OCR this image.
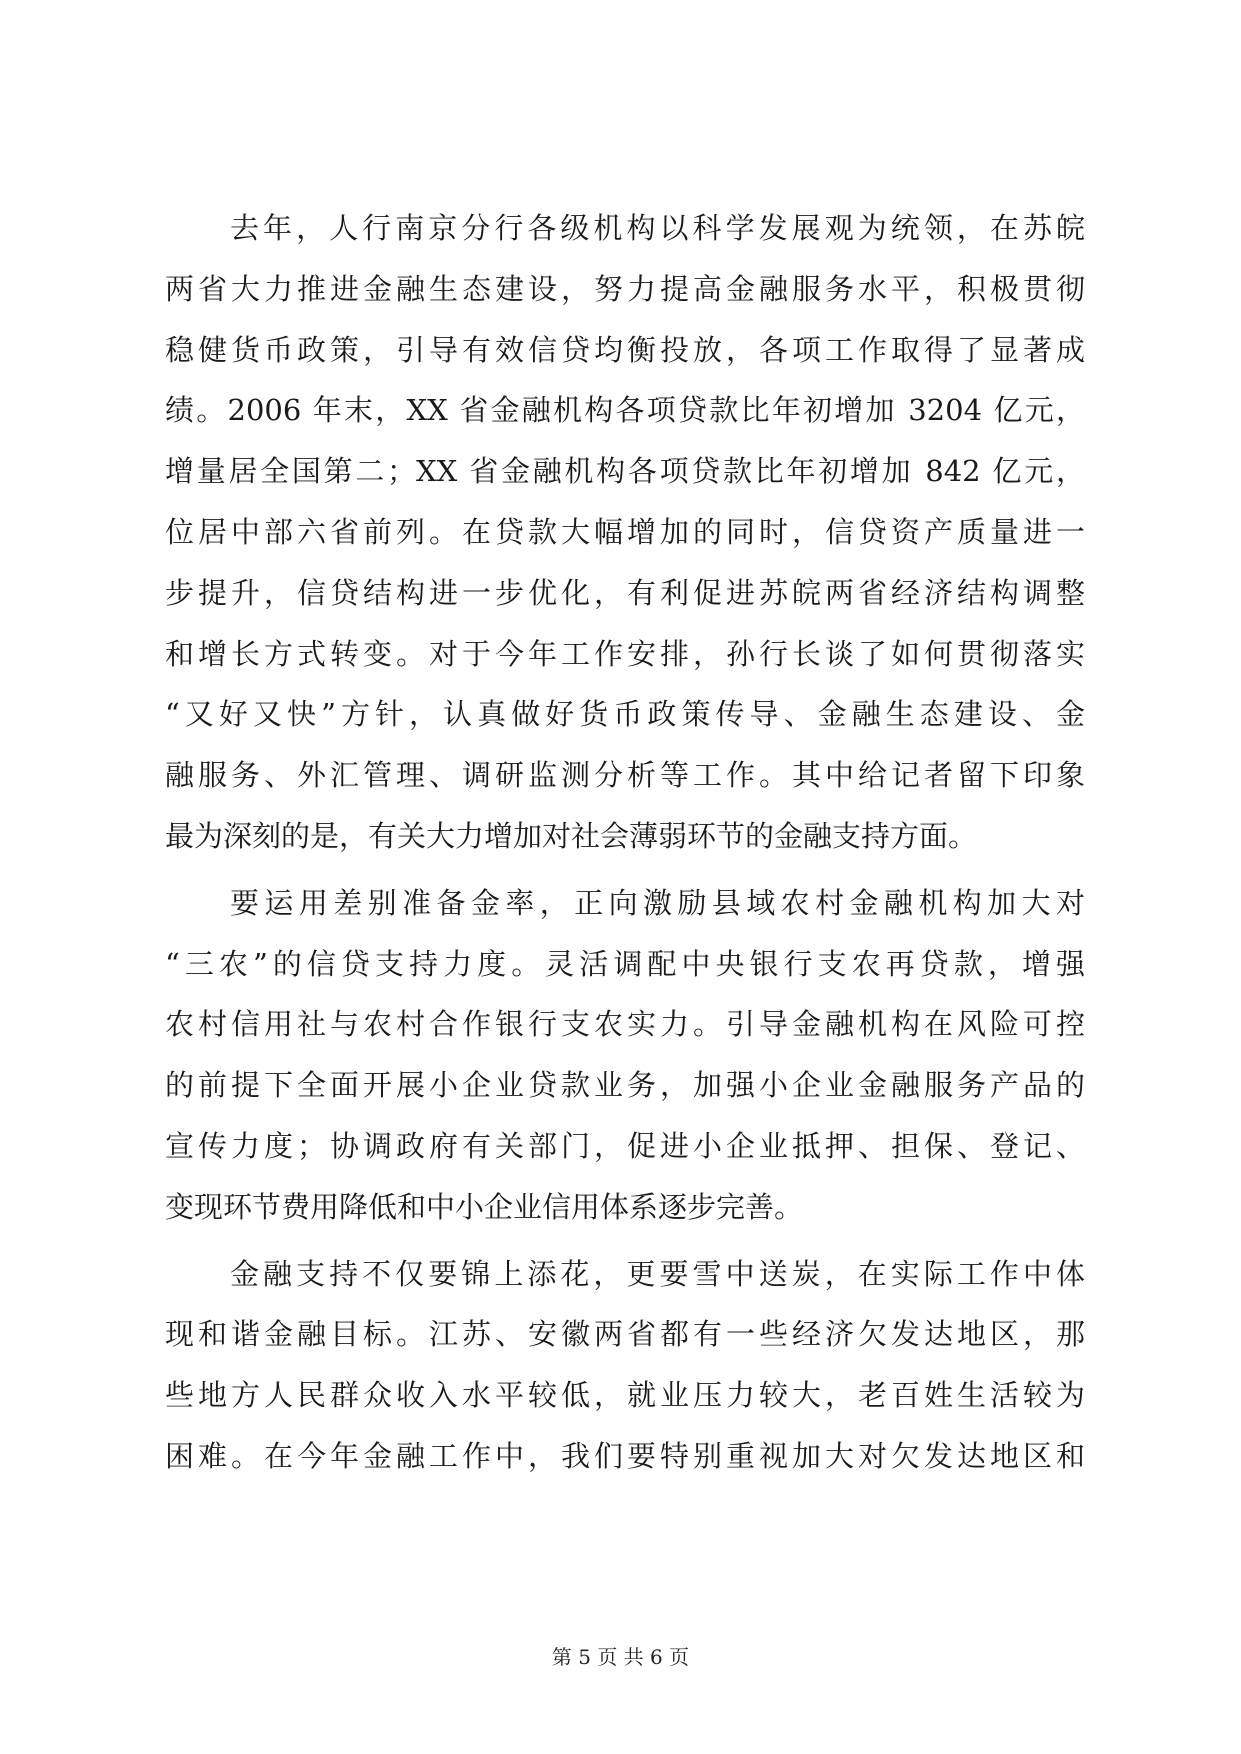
去年，人行南京分行各级机构以科学发展观为统领，在苏皖
两省大力推进金融生态建设，努力提高金融服务水平，积极贯彻
稳健货币政策，引导有效信贷均衡投放，各项工作取得了显著成
绩。2006 年末，XX 省金融机构各项贷款比年初增加 3204 亿元，
增量居全国第二；XX 省金融机构各项贷款比年初增加 842 亿元，
位居中部六省前列。在贷款大幅增加的同时，信贷资产质量进一
步提升，信贷结构进一步优化，有利促进苏皖两省经济结构调整
和增长方式转变。对于今年工作安排，孙行长谈了如何贯彻落实
“又好又快”方针，认真做好货币政策传导、金融生态建设、金
融服务、外汇管理、调研监测分析等工作。其中给记者留下印象
最为深刻的是，有关大力增加对社会薄弱环节的金融支持方面。
要运用差别准备金率，正向激励县域农村金融机构加大对
“三农”的信贷支持力度。灵活调配中央银行支农再贷款，增强
农村信用社与农村合作银行支农实力。引导金融机构在风险可控
的前提下全面开展小企业贷款业务，加强小企业金融服务产品的
宣传力度；协调政府有关部门，促进小企业抵押、担保、登记、
变现环节费用降低和中小企业信用体系逐步完善。
金融支持不仅要锦上添花，更要雪中送炭，在实际工作中体
现和谐金融目标。江苏、安徽两省都有一些经济欠发达地区，那
些地方人民群众收入水平较低，就业压力较大，老百姓生活较为
困难。在今年金融工作中，我们要特别重视加大对欠发达地区和
第 5 页 共 6 页
